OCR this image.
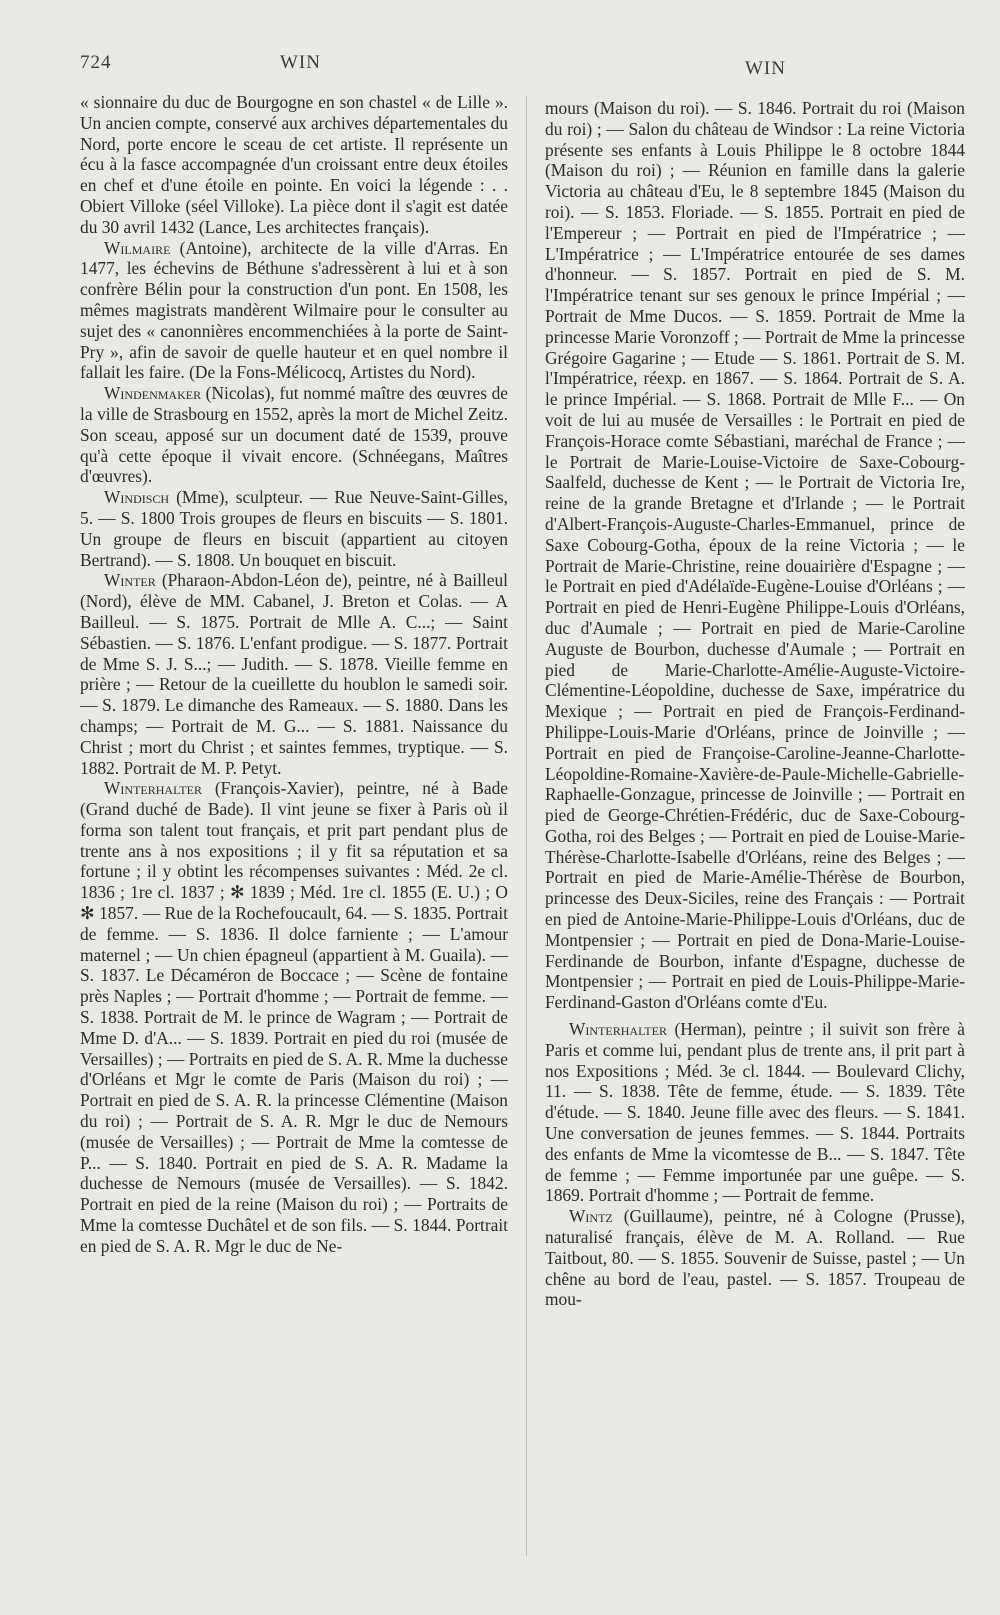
724	WIN	WIN

« sionnaire du duc de Bourgogne en son chastel « de Lille ». Un ancien compte, conservé aux archives départementales du Nord, porte encore le sceau de cet artiste. Il représente un écu à la fasce accompagnée d'un croissant entre deux étoiles en chef et d'une étoile en pointe. En voici la légende : . . Obiert Villoke (séel Villoke). La pièce dont il s'agit est datée du 30 avril 1432 (Lance, Les architectes français).

Wilmaire (Antoine), architecte de la ville d'Arras. En 1477, les échevins de Béthune s'adressèrent à lui et à son confrère Bélin pour la construction d'un pont. En 1508, les mêmes magistrats mandèrent Wilmaire pour le consulter au sujet des « canonnières encommenchiées à la porte de Saint-Pry », afin de savoir de quelle hauteur et en quel nombre il fallait les faire. (De la Fons-Mélicocq, Artistes du Nord).

Windenmaker (Nicolas), fut nommé maître des œuvres de la ville de Strasbourg en 1552, après la mort de Michel Zeitz. Son sceau, apposé sur un document daté de 1539, prouve qu'à cette époque il vivait encore. (Schnéegans, Maîtres d'œuvres).

Windisch (Mme), sculpteur. — Rue Neuve-Saint-Gilles, 5. — S. 1800 Trois groupes de fleurs en biscuits — S. 1801. Un groupe de fleurs en biscuit (appartient au citoyen Bertrand). — S. 1808. Un bouquet en biscuit.

Winter (Pharaon-Abdon-Léon de), peintre, né à Bailleul (Nord), élève de MM. Cabanel, J. Breton et Colas. — A Bailleul. — S. 1875. Portrait de Mlle A. C...; — Saint Sébastien. — S. 1876. L'enfant prodigue. — S. 1877. Portrait de Mme S. J. S...; — Judith. — S. 1878. Vieille femme en prière ; — Retour de la cueillette du houblon le samedi soir. — S. 1879. Le dimanche des Rameaux. — S. 1880. Dans les champs; — Portrait de M. G... — S. 1881. Naissance du Christ ; mort du Christ ; et saintes femmes, tryptique. — S. 1882. Portrait de M. P. Petyt.

Winterhalter (François-Xavier), peintre, né à Bade (Grand duché de Bade). Il vint jeune se fixer à Paris où il forma son talent tout français, et prit part pendant plus de trente ans à nos expositions ; il y fit sa réputation et sa fortune ; il y obtint les récompenses suivantes : Méd. 2e cl. 1836 ; 1re cl. 1837 ; ✻ 1839 ; Méd. 1re cl. 1855 (E. U.) ; O ✻ 1857. — Rue de la Rochefoucault, 64. — S. 1835. Portrait de femme. — S. 1836. Il dolce farniente ; — L'amour maternel ; — Un chien épagneul (appartient à M. Guaila). — S. 1837. Le Décaméron de Boccace ; — Scène de fontaine près Naples ; — Portrait d'homme ; — Portrait de femme. — S. 1838. Portrait de M. le prince de Wagram ; — Portrait de Mme D. d'A... — S. 1839. Portrait en pied du roi (musée de Versailles) ; — Portraits en pied de S. A. R. Mme la duchesse d'Orléans et Mgr le comte de Paris (Maison du roi) ; — Portrait en pied de S. A. R. la princesse Clémentine (Maison du roi) ; — Portrait de S. A. R. Mgr le duc de Nemours (musée de Versailles) ; — Portrait de Mme la comtesse de P... — S. 1840. Portrait en pied de S. A. R. Madame la duchesse de Nemours (musée de Versailles). — S. 1842. Portrait en pied de la reine (Maison du roi) ; — Portraits de Mme la comtesse Duchâtel et de son fils. — S. 1844. Portrait en pied de S. A. R. Mgr le duc de Ne-

mours (Maison du roi). — S. 1846. Portrait du roi (Maison du roi) ; — Salon du château de Windsor : La reine Victoria présente ses enfants à Louis Philippe le 8 octobre 1844 (Maison du roi) ; — Réunion en famille dans la galerie Victoria au château d'Eu, le 8 septembre 1845 (Maison du roi). — S. 1853. Floriade. — S. 1855. Portrait en pied de l'Empereur ; — Portrait en pied de l'Impératrice ; — L'Impératrice ; — L'Impératrice entourée de ses dames d'honneur. — S. 1857. Portrait en pied de S. M. l'Impératrice tenant sur ses genoux le prince Impérial ; — Portrait de Mme Ducos. — S. 1859. Portrait de Mme la princesse Marie Voronzoff ; — Portrait de Mme la princesse Grégoire Gagarine ; — Etude — S. 1861. Portrait de S. M. l'Impératrice, réexp. en 1867. — S. 1864. Portrait de S. A. le prince Impérial. — S. 1868. Portrait de Mlle F... — On voit de lui au musée de Versailles : le Portrait en pied de François-Horace comte Sébastiani, maréchal de France ; — le Portrait de Marie-Louise-Victoire de Saxe-Cobourg-Saalfeld, duchesse de Kent ; — le Portrait de Victoria Ire, reine de la grande Bretagne et d'Irlande ; — le Portrait d'Albert-François-Auguste-Charles-Emmanuel, prince de Saxe Cobourg-Gotha, époux de la reine Victoria ; — le Portrait de Marie-Christine, reine douairière d'Espagne ; — le Portrait en pied d'Adélaïde-Eugène-Louise d'Orléans ; — Portrait en pied de Henri-Eugène Philippe-Louis d'Orléans, duc d'Aumale ; — Portrait en pied de Marie-Caroline Auguste de Bourbon, duchesse d'Aumale ; — Portrait en pied de Marie-Charlotte-Amélie-Auguste-Victoire-Clémentine-Léopoldine, duchesse de Saxe, impératrice du Mexique ; — Portrait en pied de François-Ferdinand-Philippe-Louis-Marie d'Orléans, prince de Joinville ; — Portrait en pied de Françoise-Caroline-Jeanne-Charlotte-Léopoldine-Romaine-Xavière-de-Paule-Michelle-Gabrielle-Raphaelle-Gonzague, princesse de Joinville ; — Portrait en pied de George-Chrétien-Frédéric, duc de Saxe-Cobourg-Gotha, roi des Belges ; — Portrait en pied de Louise-Marie-Thérèse-Charlotte-Isabelle d'Orléans, reine des Belges ; — Portrait en pied de Marie-Amélie-Thérèse de Bourbon, princesse des Deux-Siciles, reine des Français : — Portrait en pied de Antoine-Marie-Philippe-Louis d'Orléans, duc de Montpensier ; — Portrait en pied de Dona-Marie-Louise-Ferdinande de Bourbon, infante d'Espagne, duchesse de Montpensier ; — Portrait en pied de Louis-Philippe-Marie-Ferdinand-Gaston d'Orléans comte d'Eu.

Winterhalter (Herman), peintre ; il suivit son frère à Paris et comme lui, pendant plus de trente ans, il prit part à nos Expositions ; Méd. 3e cl. 1844. — Boulevard Clichy, 11. — S. 1838. Tête de femme, étude. — S. 1839. Tête d'étude. — S. 1840. Jeune fille avec des fleurs. — S. 1841. Une conversation de jeunes femmes. — S. 1844. Portraits des enfants de Mme la vicomtesse de B... — S. 1847. Tête de femme ; — Femme importunée par une guêpe. — S. 1869. Portrait d'homme ; — Portrait de femme.

Wintz (Guillaume), peintre, né à Cologne (Prusse), naturalisé français, élève de M. A. Rolland. — Rue Taitbout, 80. — S. 1855. Souvenir de Suisse, pastel ; — Un chêne au bord de l'eau, pastel. — S. 1857. Troupeau de mou-
